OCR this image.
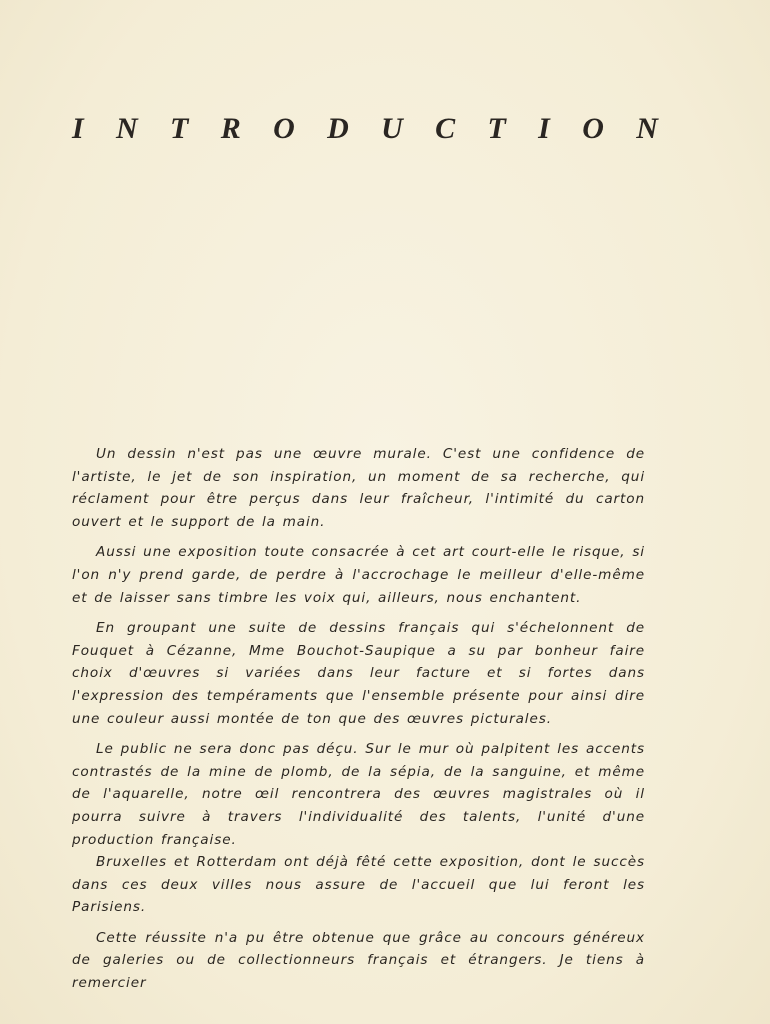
I N T R O D U C T I O N

Un dessin n'est pas une œuvre murale. C'est une confidence de l'artiste, le jet de son inspiration, un moment de sa recherche, qui réclament pour être perçus dans leur fraîcheur, l'intimité du carton ouvert et le support de la main.

Aussi une exposition toute consacrée à cet art court-elle le risque, si l'on n'y prend garde, de perdre à l'accrochage le meilleur d'elle-même et de laisser sans timbre les voix qui, ailleurs, nous enchantent.

En groupant une suite de dessins français qui s'échelonnent de Fouquet à Cézanne, Mme Bouchot-Saupique a su par bonheur faire choix d'œuvres si variées dans leur facture et si fortes dans l'expression des tempéraments que l'ensemble présente pour ainsi dire une couleur aussi montée de ton que des œuvres picturales.

Le public ne sera donc pas déçu. Sur le mur où palpitent les accents contrastés de la mine de plomb, de la sépia, de la sanguine, et même de l'aquarelle, notre œil rencontrera des œuvres magistrales où il pourra suivre à travers l'individualité des talents, l'unité d'une production française.

Bruxelles et Rotterdam ont déjà fêté cette exposition, dont le succès dans ces deux villes nous assure de l'accueil que lui feront les Parisiens.

Cette réussite n'a pu être obtenue que grâce au concours généreux de galeries ou de collectionneurs français et étrangers. Je tiens à remercier
